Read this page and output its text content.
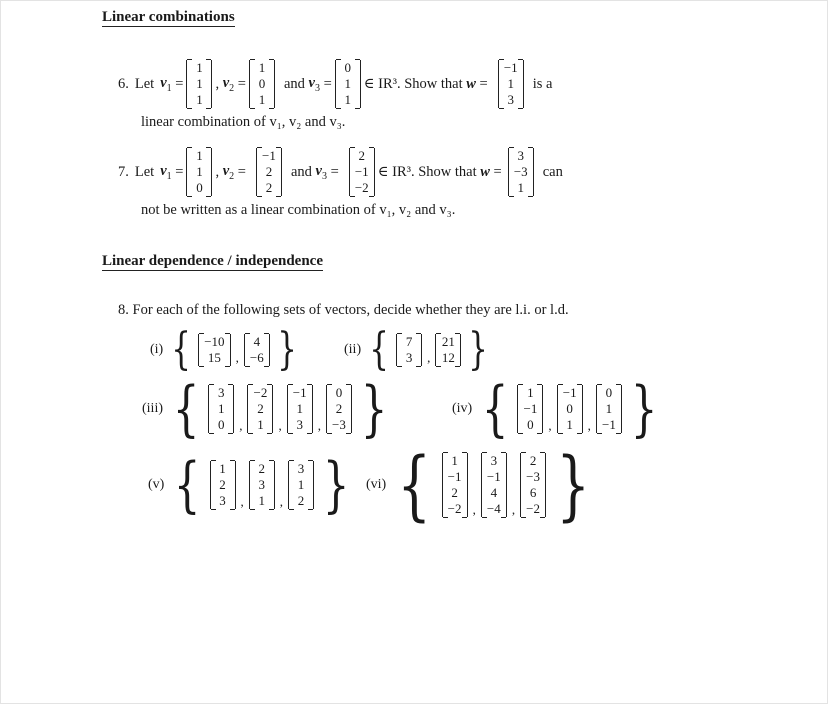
Linear combinations
6. Let $v_1$ =
1
1
1
, $v_2$ =
1
0
1
and $v_3$ =
0
1
1
∈ IR³. Show that w =
−1
1
3
is a
linear combination of v₁, v₂ and v₃.
7. Let $v_1$ =
1
1
0
, $v_2$ =
−1
2
2
and $v_3$ =
2
−1
−2
∈ IR³. Show that w =
3
−3
1
can
not be written as a linear combination of v₁, v₂ and v₃.
Linear dependence / independence
8. For each of the following sets of vectors, decide whether they are l.i. or l.d.
(i) { −10
15 ,
4
−6 }	(ii) { 7
3 ,
21
12 }
(iii) { 3
1
0 ,
−2
2
1 ,
−1
1
3 ,
0
2
−3 }	(iv) { 1
−1
0 ,
−1
0
1 ,
0
1
−1 }
(v) { 1
2
3 ,
2
3
1 ,
3
1
2 } (vi) { 1
−1
2
−2 ,
3
−1
4
−4 ,
2
−3
6
−2 }
